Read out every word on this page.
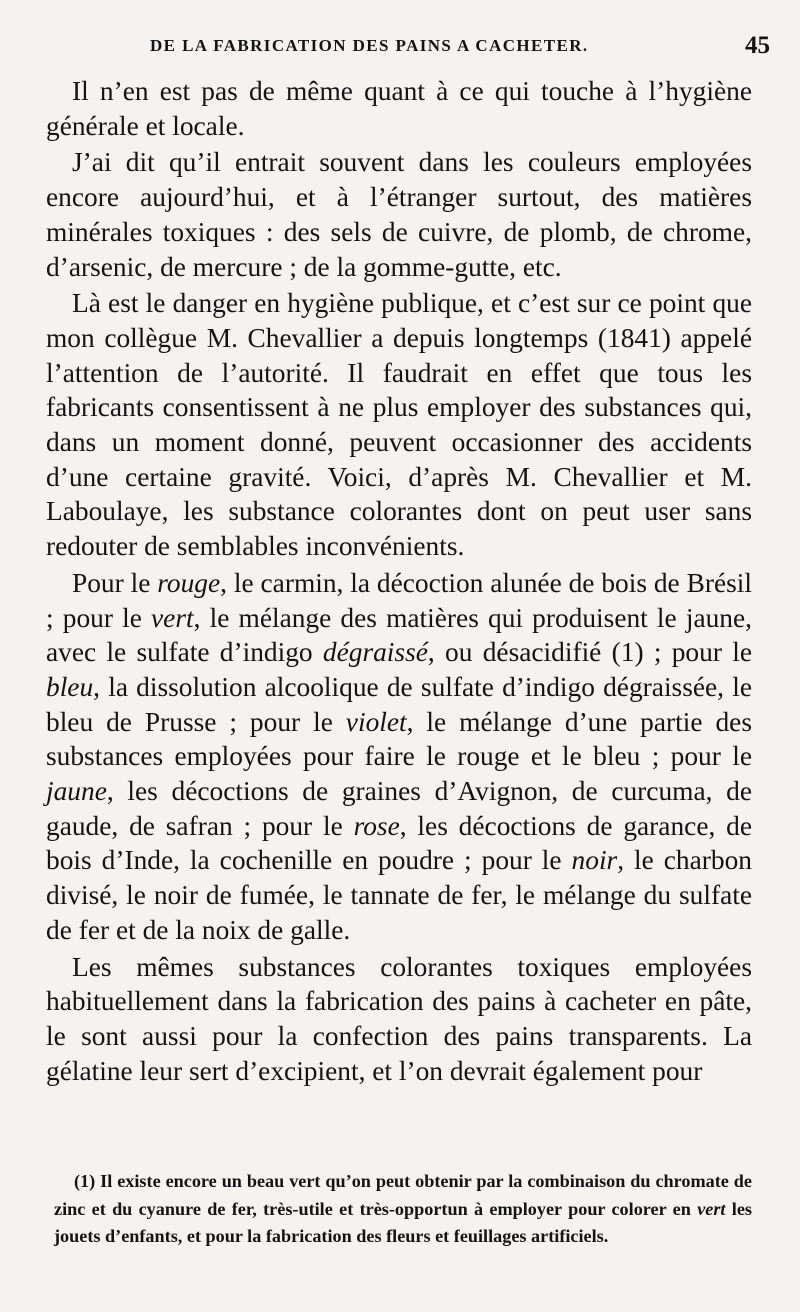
DE LA FABRICATION DES PAINS A CACHETER.	45

Il n’en est pas de même quant à ce qui touche à l’hygiène générale et locale.

J’ai dit qu’il entrait souvent dans les couleurs employées encore aujourd’hui, et à l’étranger surtout, des matières minérales toxiques : des sels de cuivre, de plomb, de chrome, d’arsenic, de mercure ; de la gomme-gutte, etc.

Là est le danger en hygiène publique, et c’est sur ce point que mon collègue M. Chevallier a depuis longtemps (1841) appelé l’attention de l’autorité. Il faudrait en effet que tous les fabricants consentissent à ne plus employer des substances qui, dans un moment donné, peuvent occasionner des accidents d’une certaine gravité. Voici, d’après M. Chevallier et M. Laboulaye, les substance colorantes dont on peut user sans redouter de semblables inconvénients.

Pour le rouge, le carmin, la décoction alunée de bois de Brésil ; pour le vert, le mélange des matières qui produisent le jaune, avec le sulfate d’indigo dégraissé, ou désacidifié (1) ; pour le bleu, la dissolution alcoolique de sulfate d’indigo dégraissée, le bleu de Prusse ; pour le violet, le mélange d’une partie des substances employées pour faire le rouge et le bleu ; pour le jaune, les décoctions de graines d’Avignon, de curcuma, de gaude, de safran ; pour le rose, les décoctions de garance, de bois d’Inde, la cochenille en poudre ; pour le noir, le charbon divisé, le noir de fumée, le tannate de fer, le mélange du sulfate de fer et de la noix de galle.

Les mêmes substances colorantes toxiques employées habituellement dans la fabrication des pains à cacheter en pâte, le sont aussi pour la confection des pains transparents. La gélatine leur sert d’excipient, et l’on devrait également pour

(1) Il existe encore un beau vert qu’on peut obtenir par la combinaison du chromate de zinc et du cyanure de fer, très-utile et très-opportun à employer pour colorer en vert les jouets d’enfants, et pour la fabrication des fleurs et feuillages artificiels.
